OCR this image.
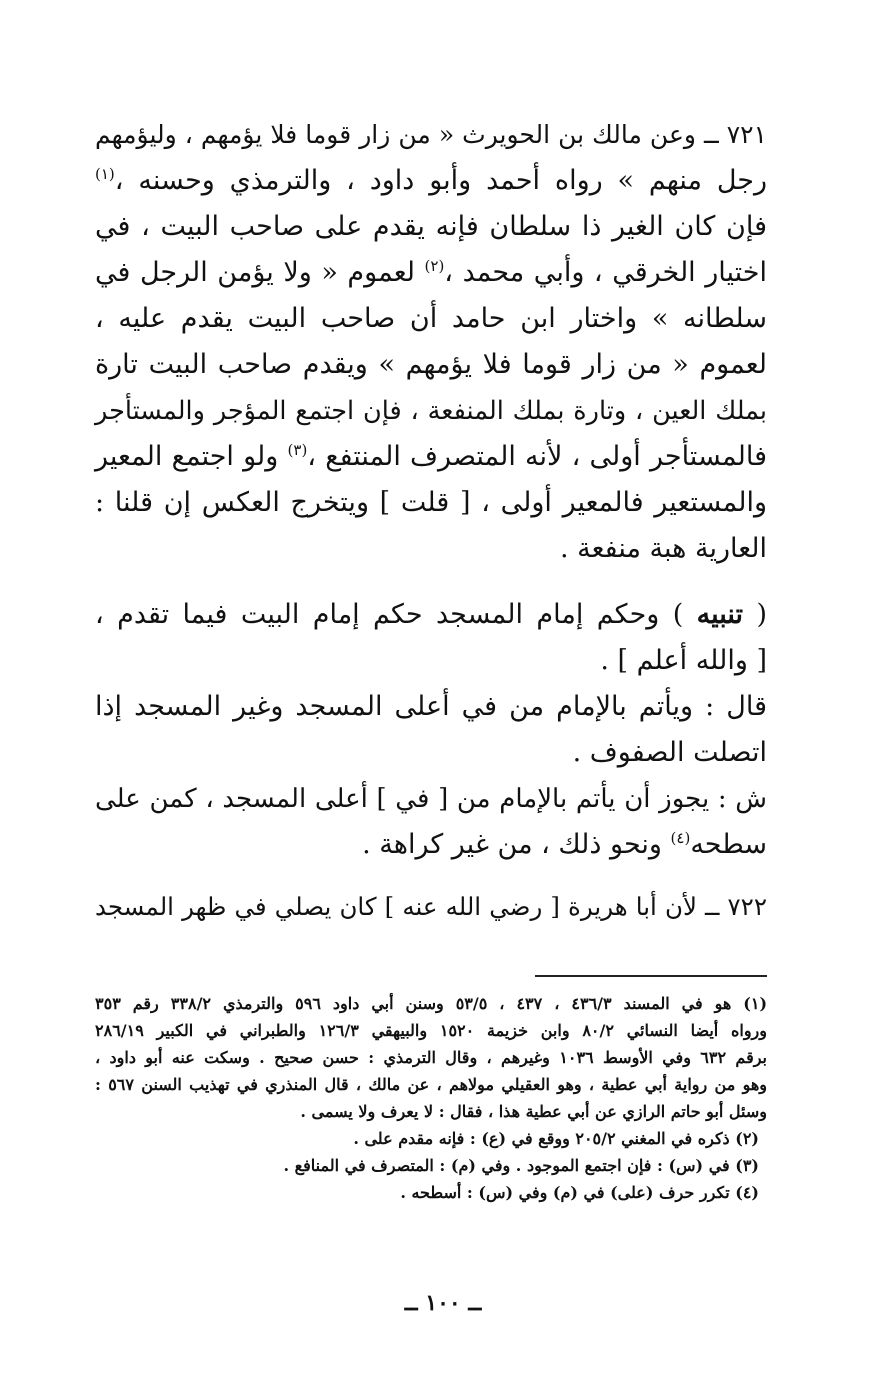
٧٢١ ــ وعن مالك بن الحويرث « من زار قوما فلا يؤمهم ، وليؤمهم
رجل منهم » رواه أحمد وأبو داود ، والترمذي وحسنه ،$^{(١)}$
فإن كان الغير ذا سلطان فإنه يقدم على صاحب البيت ، في
اختيار الخرقي ، وأبي محمد ،$^{(٢)}$ لعموم « ولا يؤمن الرجل في
سلطانه » واختار ابن حامد أن صاحب البيت يقدم عليه ،
لعموم « من زار قوما فلا يؤمهم » ويقدم صاحب البيت تارة
بملك العين ، وتارة بملك المنفعة ، فإن اجتمع المؤجر والمستأجر
فالمستأجر أولى ، لأنه المتصرف المنتفع ،$^{(٣)}$ ولو اجتمع المعير
والمستعير فالمعير أولى ، [ قلت ] ويتخرج العكس إن قلنا :
العارية هبة منفعة .
( تنبيه ) وحكم إمام المسجد حكم إمام البيت فيما تقدم ،
[ والله أعلم ] .
قال : ويأتم بالإمام من في أعلى المسجد وغير المسجد إذا
اتصلت الصفوف .
ش : يجوز أن يأتم بالإمام من [ في ] أعلى المسجد ، كمن على
سطحه$^{(٤)}$ ونحو ذلك ، من غير كراهة .
٧٢٢ ــ لأن أبا هريرة [ رضي الله عنه ] كان يصلي في ظهر المسجد
(١) هو في المسند ٤٣٦/٣ ، ٤٣٧ ، ٥٣/٥ وسنن أبي داود ٥٩٦ والترمذي ٣٣٨/٢ رقم ٣٥٣
ورواه أيضا النسائي ٨٠/٢ وابن خزيمة ١٥٢٠ والبيهقي ١٢٦/٣ والطبراني في الكبير ٢٨٦/١٩
برقم ٦٣٢ وفي الأوسط ١٠٣٦ وغيرهم ، وقال الترمذي : حسن صحيح . وسكت عنه أبو داود ،
وهو من رواية أبي عطية ، وهو العقيلي مولاهم ، عن مالك ، قال المنذري في تهذيب السنن ٥٦٧ :
وسئل أبو حاتم الرازي عن أبي عطية هذا ، فقال : لا يعرف ولا يسمى .
(٢) ذكره في المغني ٢٠٥/٢ ووقع في (ع) : فإنه مقدم على .
(٣) في (س) : فإن اجتمع الموجود . وفي (م) : المتصرف في المنافع .
(٤) تكرر حرف (على) في (م) وفي (س) : أسطحه .
ــ ١٠٠ ــ
